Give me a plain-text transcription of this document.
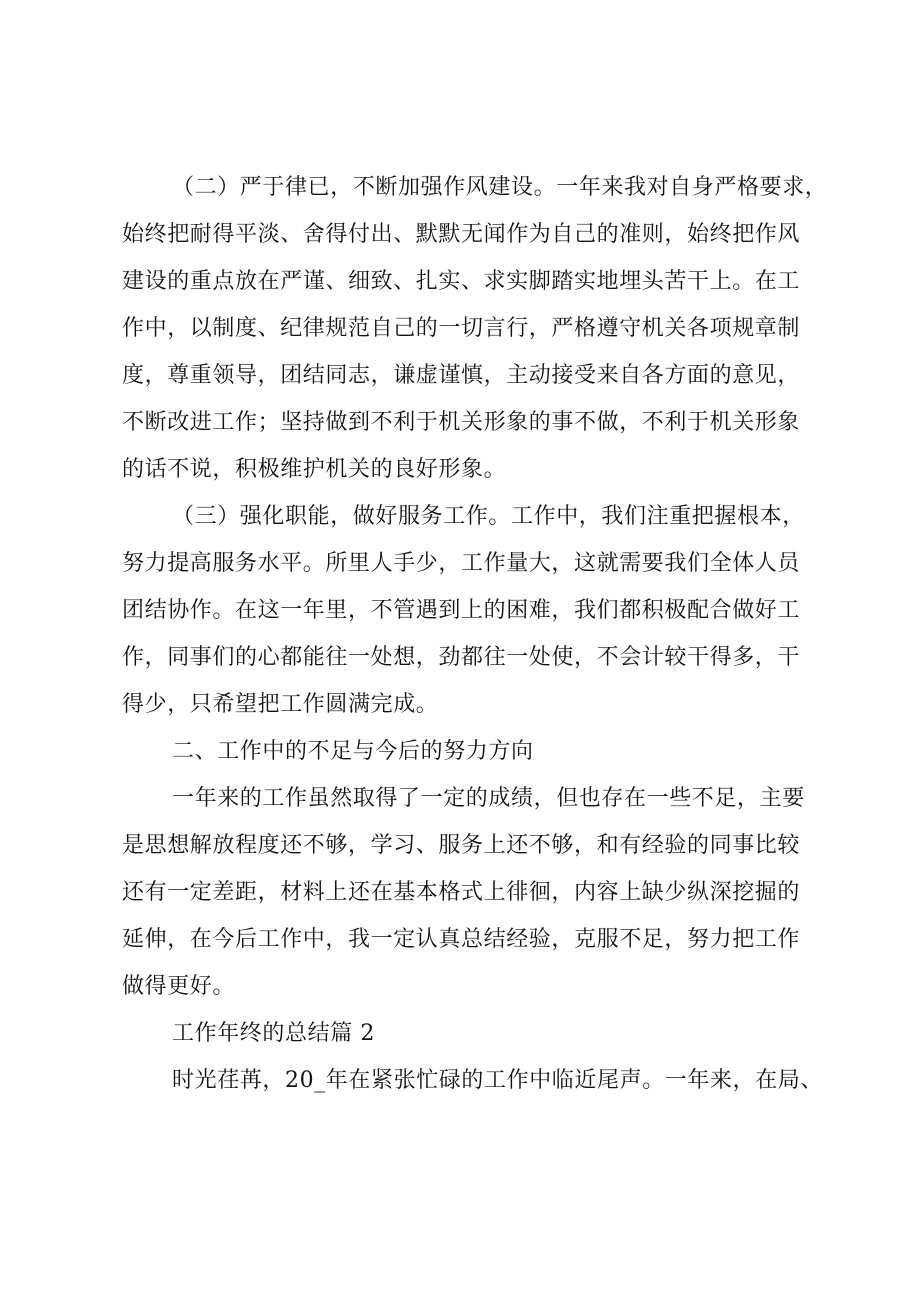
（二）严于律已，不断加强作风建设。一年来我对自身严格要求，
始终把耐得平淡、舍得付出、默默无闻作为自己的准则，始终把作风
建设的重点放在严谨、细致、扎实、求实脚踏实地埋头苦干上。在工
作中，以制度、纪律规范自己的一切言行，严格遵守机关各项规章制
度，尊重领导，团结同志，谦虚谨慎，主动接受来自各方面的意见，
不断改进工作；坚持做到不利于机关形象的事不做，不利于机关形象
的话不说，积极维护机关的良好形象。
（三）强化职能，做好服务工作。工作中，我们注重把握根本，
努力提高服务水平。所里人手少，工作量大，这就需要我们全体人员
团结协作。在这一年里，不管遇到上的困难，我们都积极配合做好工
作，同事们的心都能往一处想，劲都往一处使，不会计较干得多，干
得少，只希望把工作圆满完成。
二、工作中的不足与今后的努力方向
一年来的工作虽然取得了一定的成绩，但也存在一些不足，主要
是思想解放程度还不够，学习、服务上还不够，和有经验的同事比较
还有一定差距，材料上还在基本格式上徘徊，内容上缺少纵深挖掘的
延伸，在今后工作中，我一定认真总结经验，克服不足，努力把工作
做得更好。
工作年终的总结篇 2
时光荏苒，20_年在紧张忙碌的工作中临近尾声。一年来，在局、
